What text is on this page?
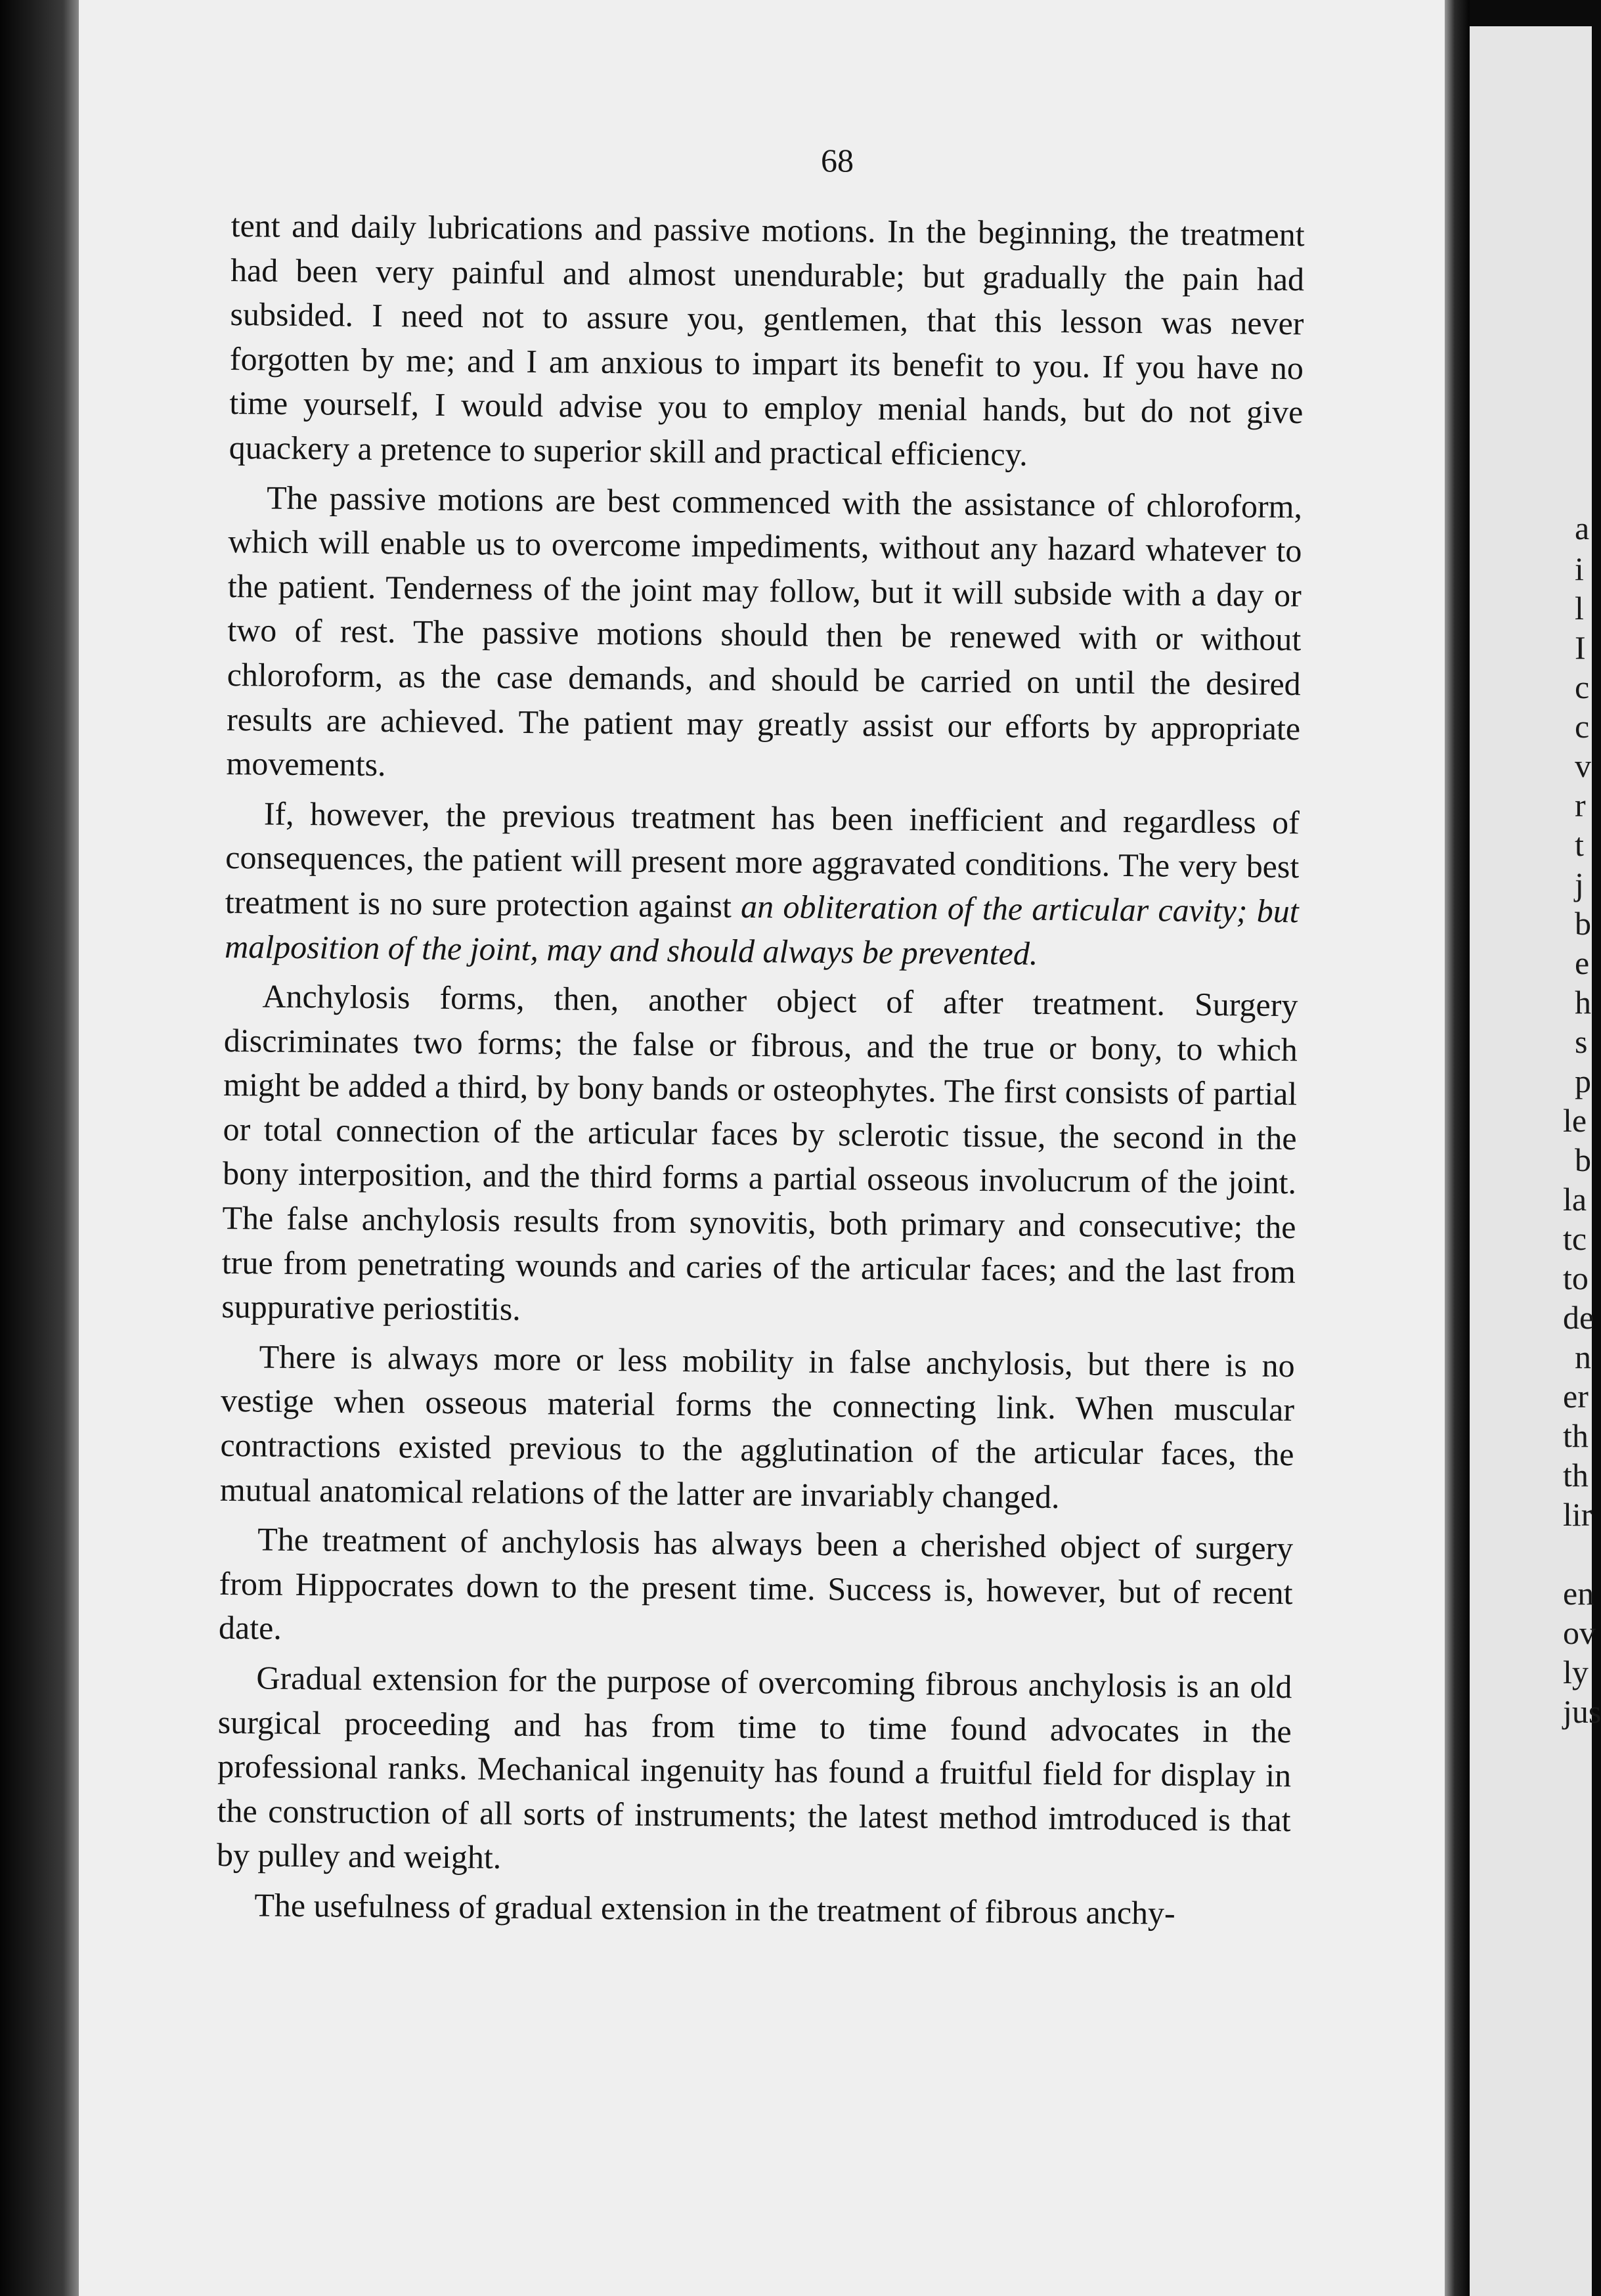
68

tent and daily lubrications and passive motions. In the beginning, the treatment had been very painful and almost unendurable; but gradually the pain had subsided. I need not to assure you, gentlemen, that this lesson was never forgotten by me; and I am anxious to impart its benefit to you. If you have no time yourself, I would advise you to employ menial hands, but do not give quackery a pretence to superior skill and practical efficiency.

The passive motions are best commenced with the assistance of chloroform, which will enable us to overcome impediments, without any hazard whatever to the patient. Tenderness of the joint may follow, but it will subside with a day or two of rest. The passive motions should then be renewed with or without chloroform, as the case demands, and should be carried on until the desired results are achieved. The patient may greatly assist our efforts by appropriate movements.

If, however, the previous treatment has been inefficient and regardless of consequences, the patient will present more aggravated conditions. The very best treatment is no sure protection against an obliteration of the articular cavity; but malposition of the joint, may and should always be prevented.

Anchylosis forms, then, another object of after treatment. Surgery discriminates two forms; the false or fibrous, and the true or bony, to which might be added a third, by bony bands or osteophytes. The first consists of partial or total connection of the articular faces by sclerotic tissue, the second in the bony interposition, and the third forms a partial osseous involucrum of the joint. The false anchylosis results from synovitis, both primary and consecutive; the true from penetrating wounds and caries of the articular faces; and the last from suppurative periostitis.

There is always more or less mobility in false anchylosis, but there is no vestige when osseous material forms the connecting link. When muscular contractions existed previous to the agglutination of the articular faces, the mutual anatomical relations of the latter are invariably changed.

The treatment of anchylosis has always been a cherished object of surgery from Hippocrates down to the present time. Success is, however, but of recent date.

Gradual extension for the purpose of overcoming fibrous anchylosis is an old surgical proceeding and has from time to time found advocates in the professional ranks. Mechanical ingenuity has found a fruitful field for display in the construction of all sorts of instruments; the latest method imtroduced is that by pulley and weight.

The usefulness of gradual extension in the treatment of fibrous anchy-

a
i
l
I
c
c
v
r
t
j
b
e
h
s
p
le
b
la
tc
to
de
n
er
th
th
lir
en
ov
ly
jus
